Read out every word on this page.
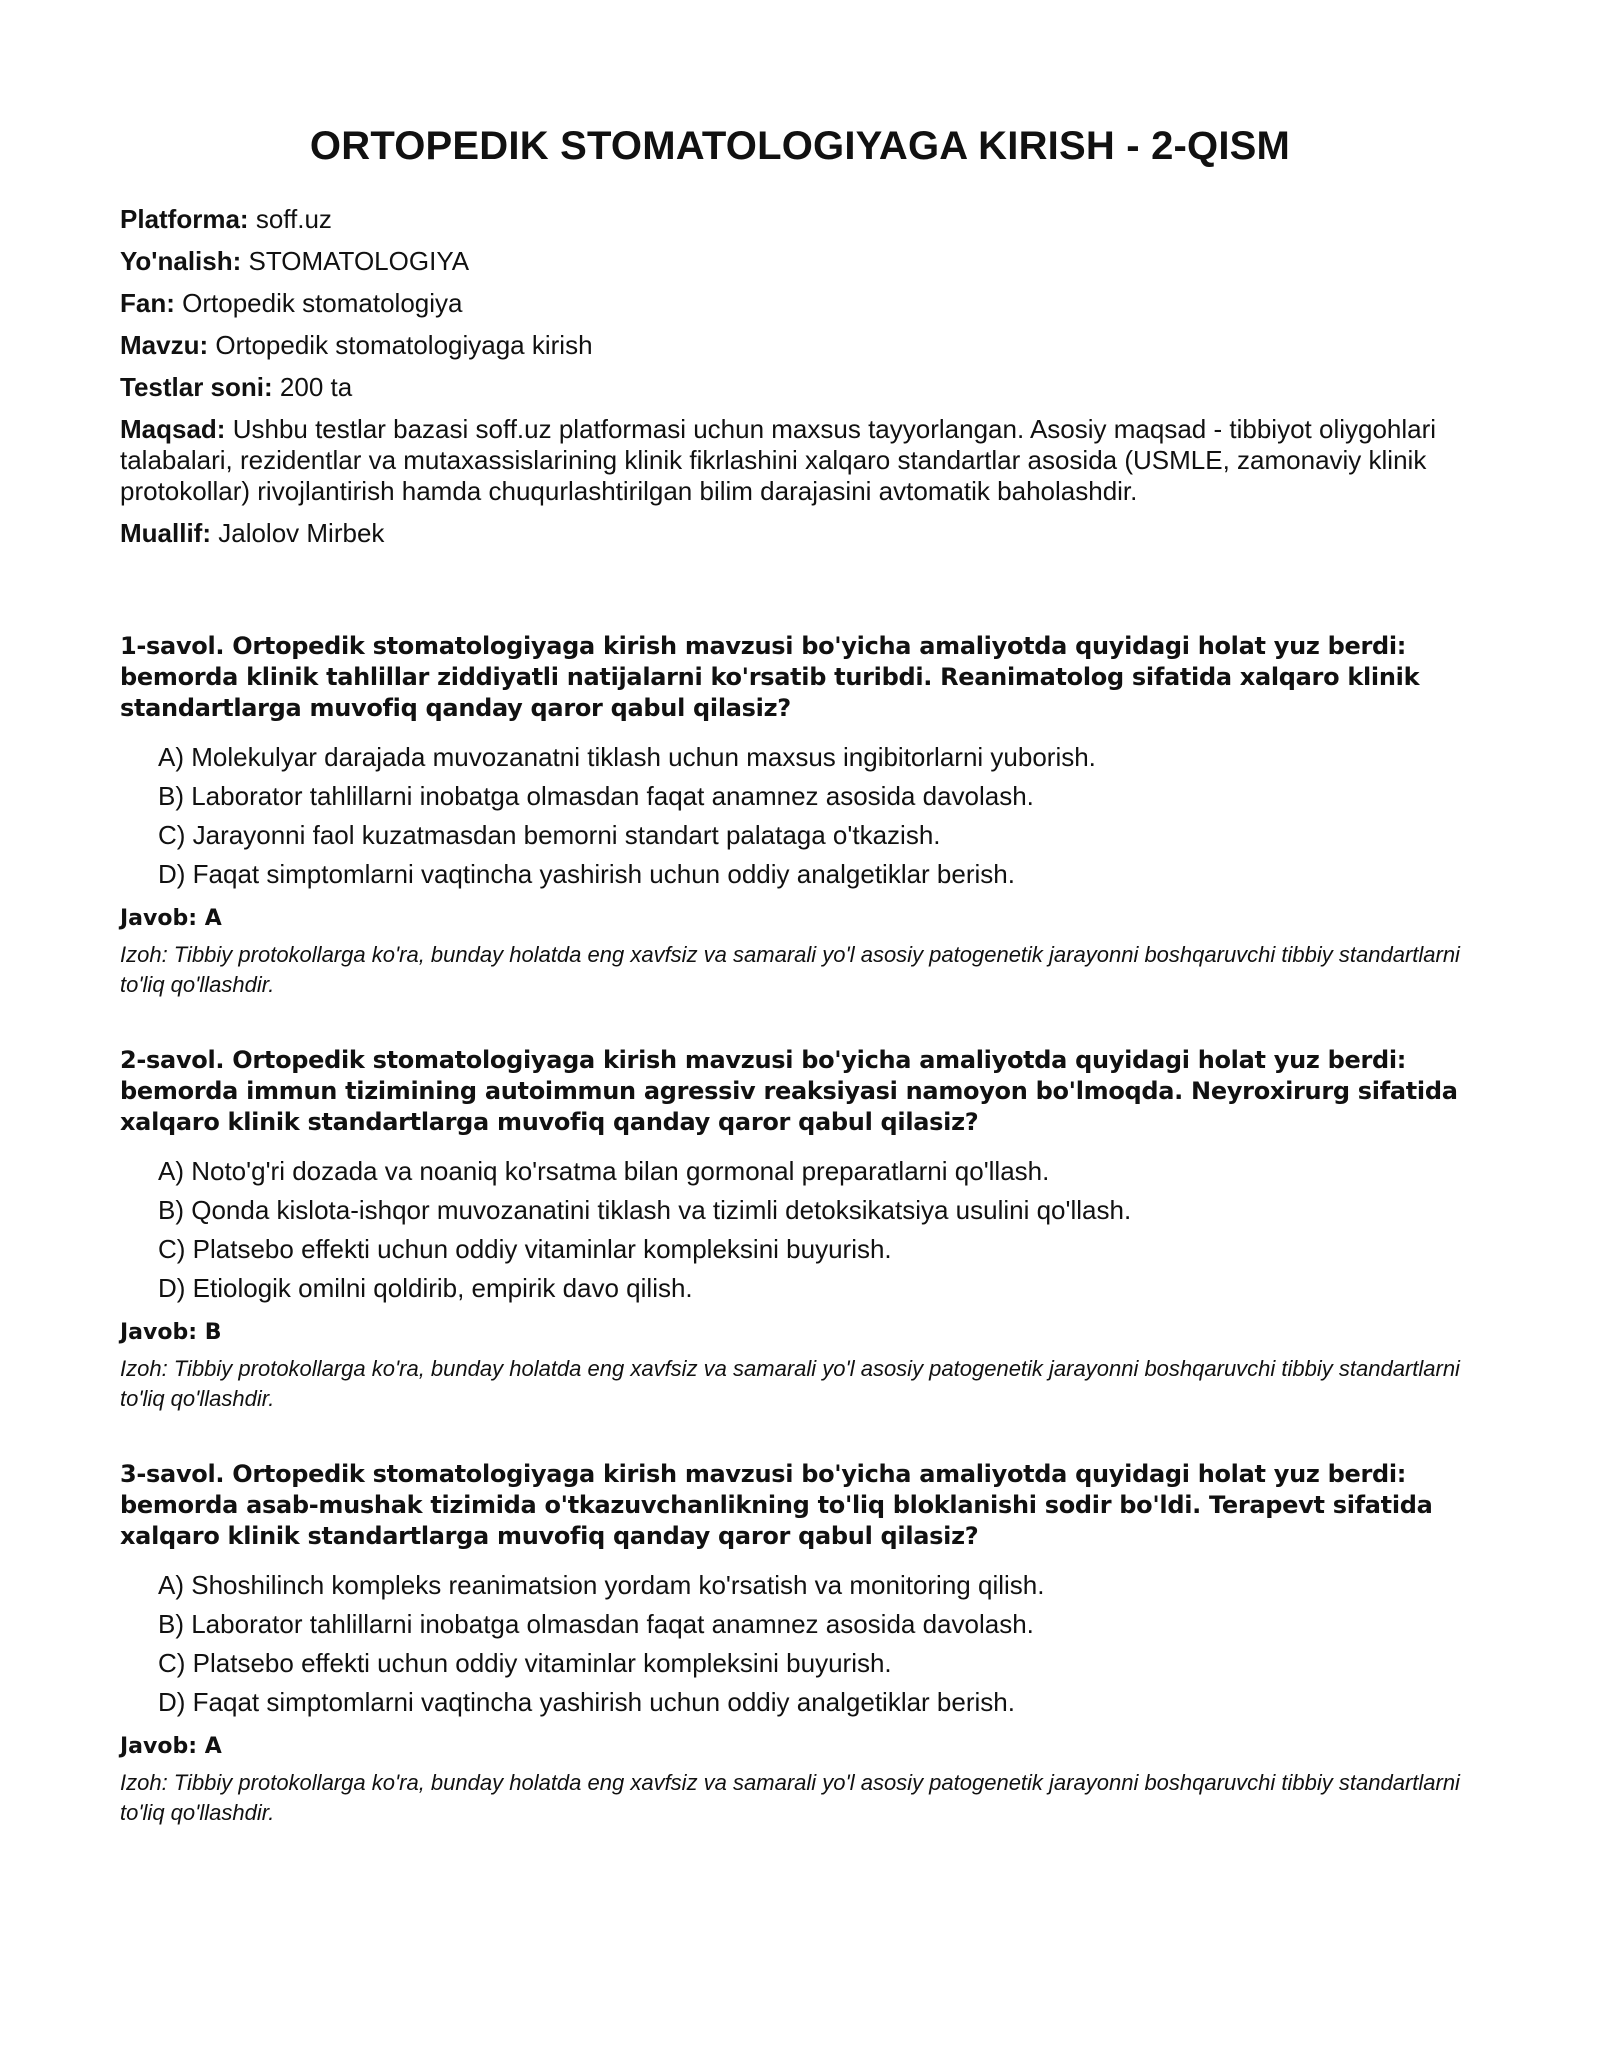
ORTOPEDIK STOMATOLOGIYAGA KIRISH - 2-QISM

Platforma: soff.uz

Yo'nalish: STOMATOLOGIYA

Fan: Ortopedik stomatologiya

Mavzu: Ortopedik stomatologiyaga kirish

Testlar soni: 200 ta

Maqsad: Ushbu testlar bazasi soff.uz platformasi uchun maxsus tayyorlangan. Asosiy maqsad - tibbiyot oliygohlari talabalari, rezidentlar va mutaxassislarining klinik fikrlashini xalqaro standartlar asosida (USMLE, zamonaviy klinik protokollar) rivojlantirish hamda chuqurlashtirilgan bilim darajasini avtomatik baholashdir.

Muallif: Jalolov Mirbek

1-savol. Ortopedik stomatologiyaga kirish mavzusi bo'yicha amaliyotda quyidagi holat yuz berdi: bemorda klinik tahlillar ziddiyatli natijalarni ko'rsatib turibdi. Reanimatolog sifatida xalqaro klinik standartlarga muvofiq qanday qaror qabul qilasiz?

A) Molekulyar darajada muvozanatni tiklash uchun maxsus ingibitorlarni yuborish.
B) Laborator tahlillarni inobatga olmasdan faqat anamnez asosida davolash.
C) Jarayonni faol kuzatmasdan bemorni standart palataga o'tkazish.
D) Faqat simptomlarni vaqtincha yashirish uchun oddiy analgetiklar berish.

Javob: A

Izoh: Tibbiy protokollarga ko'ra, bunday holatda eng xavfsiz va samarali yo'l asosiy patogenetik jarayonni boshqaruvchi tibbiy standartlarni to'liq qo'llashdir.

2-savol. Ortopedik stomatologiyaga kirish mavzusi bo'yicha amaliyotda quyidagi holat yuz berdi: bemorda immun tizimining autoimmun agressiv reaksiyasi namoyon bo'lmoqda. Neyroxirurg sifatida xalqaro klinik standartlarga muvofiq qanday qaror qabul qilasiz?

A) Noto'g'ri dozada va noaniq ko'rsatma bilan gormonal preparatlarni qo'llash.
B) Qonda kislota-ishqor muvozanatini tiklash va tizimli detoksikatsiya usulini qo'llash.
C) Platsebo effekti uchun oddiy vitaminlar kompleksini buyurish.
D) Etiologik omilni qoldirib, empirik davo qilish.

Javob: B

Izoh: Tibbiy protokollarga ko'ra, bunday holatda eng xavfsiz va samarali yo'l asosiy patogenetik jarayonni boshqaruvchi tibbiy standartlarni to'liq qo'llashdir.

3-savol. Ortopedik stomatologiyaga kirish mavzusi bo'yicha amaliyotda quyidagi holat yuz berdi: bemorda asab-mushak tizimida o'tkazuvchanlikning to'liq bloklanishi sodir bo'ldi. Terapevt sifatida xalqaro klinik standartlarga muvofiq qanday qaror qabul qilasiz?

A) Shoshilinch kompleks reanimatsion yordam ko'rsatish va monitoring qilish.
B) Laborator tahlillarni inobatga olmasdan faqat anamnez asosida davolash.
C) Platsebo effekti uchun oddiy vitaminlar kompleksini buyurish.
D) Faqat simptomlarni vaqtincha yashirish uchun oddiy analgetiklar berish.

Javob: A

Izoh: Tibbiy protokollarga ko'ra, bunday holatda eng xavfsiz va samarali yo'l asosiy patogenetik jarayonni boshqaruvchi tibbiy standartlarni to'liq qo'llashdir.
